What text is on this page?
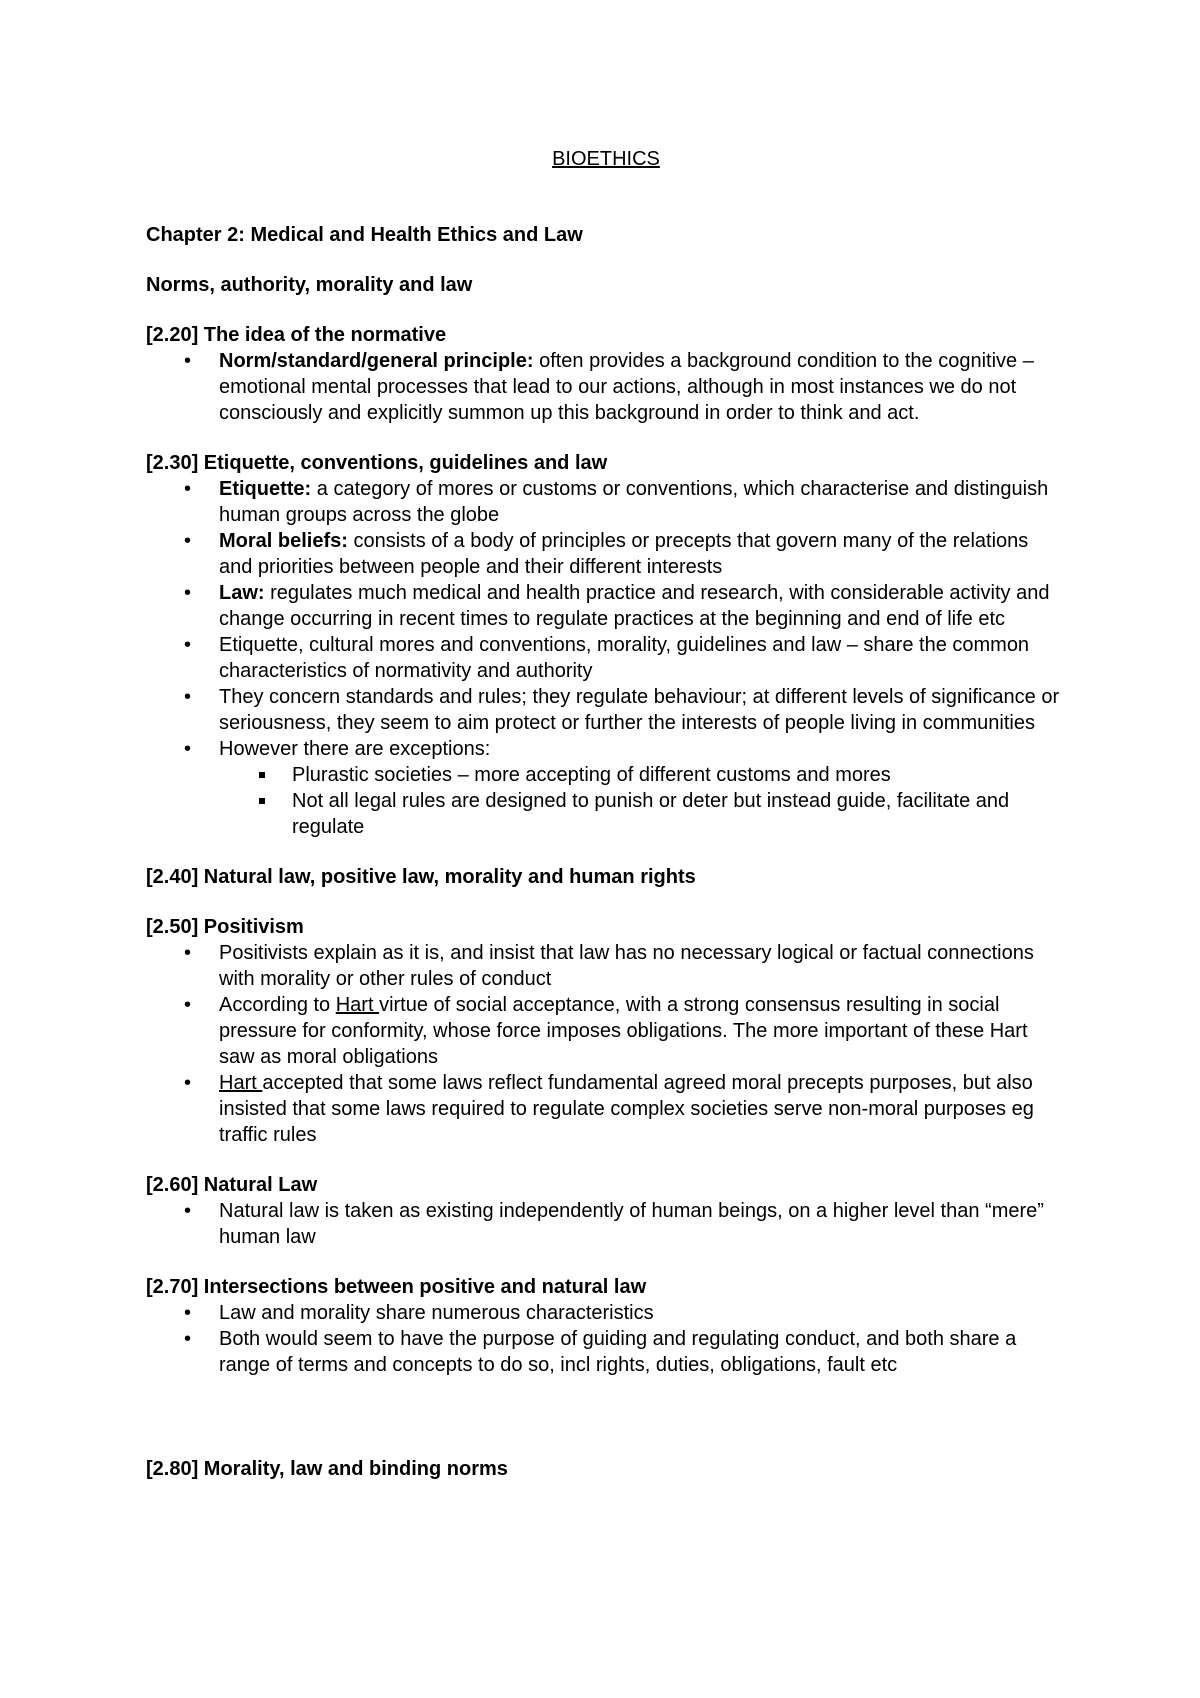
BIOETHICS

Chapter 2: Medical and Health Ethics and Law

Norms, authority, morality and law

[2.20] The idea of the normative

• Norm/standard/general principle: often provides a background condition to the cognitive – emotional mental processes that lead to our actions, although in most instances we do not consciously and explicitly summon up this background in order to think and act.

[2.30] Etiquette, conventions, guidelines and law

• Etiquette: a category of mores or customs or conventions, which characterise and distinguish human groups across the globe
• Moral beliefs: consists of a body of principles or precepts that govern many of the relations and priorities between people and their different interests
• Law: regulates much medical and health practice and research, with considerable activity and change occurring in recent times to regulate practices at the beginning and end of life etc
• Etiquette, cultural mores and conventions, morality, guidelines and law – share the common characteristics of normativity and authority
• They concern standards and rules; they regulate behaviour; at different levels of significance or seriousness, they seem to aim protect or further the interests of people living in communities
• However there are exceptions:
Plurastic societies – more accepting of different customs and mores
Not all legal rules are designed to punish or deter but instead guide, facilitate and regulate

[2.40] Natural law, positive law, morality and human rights

[2.50] Positivism

• Positivists explain as it is, and insist that law has no necessary logical or factual connections with morality or other rules of conduct
• According to Hart virtue of social acceptance, with a strong consensus resulting in social pressure for conformity, whose force imposes obligations. The more important of these Hart saw as moral obligations
• Hart accepted that some laws reflect fundamental agreed moral precepts purposes, but also insisted that some laws required to regulate complex societies serve non-moral purposes eg traffic rules

[2.60] Natural Law

• Natural law is taken as existing independently of human beings, on a higher level than “mere” human law

[2.70] Intersections between positive and natural law

• Law and morality share numerous characteristics
• Both would seem to have the purpose of guiding and regulating conduct, and both share a range of terms and concepts to do so, incl rights, duties, obligations, fault etc

[2.80] Morality, law and binding norms
